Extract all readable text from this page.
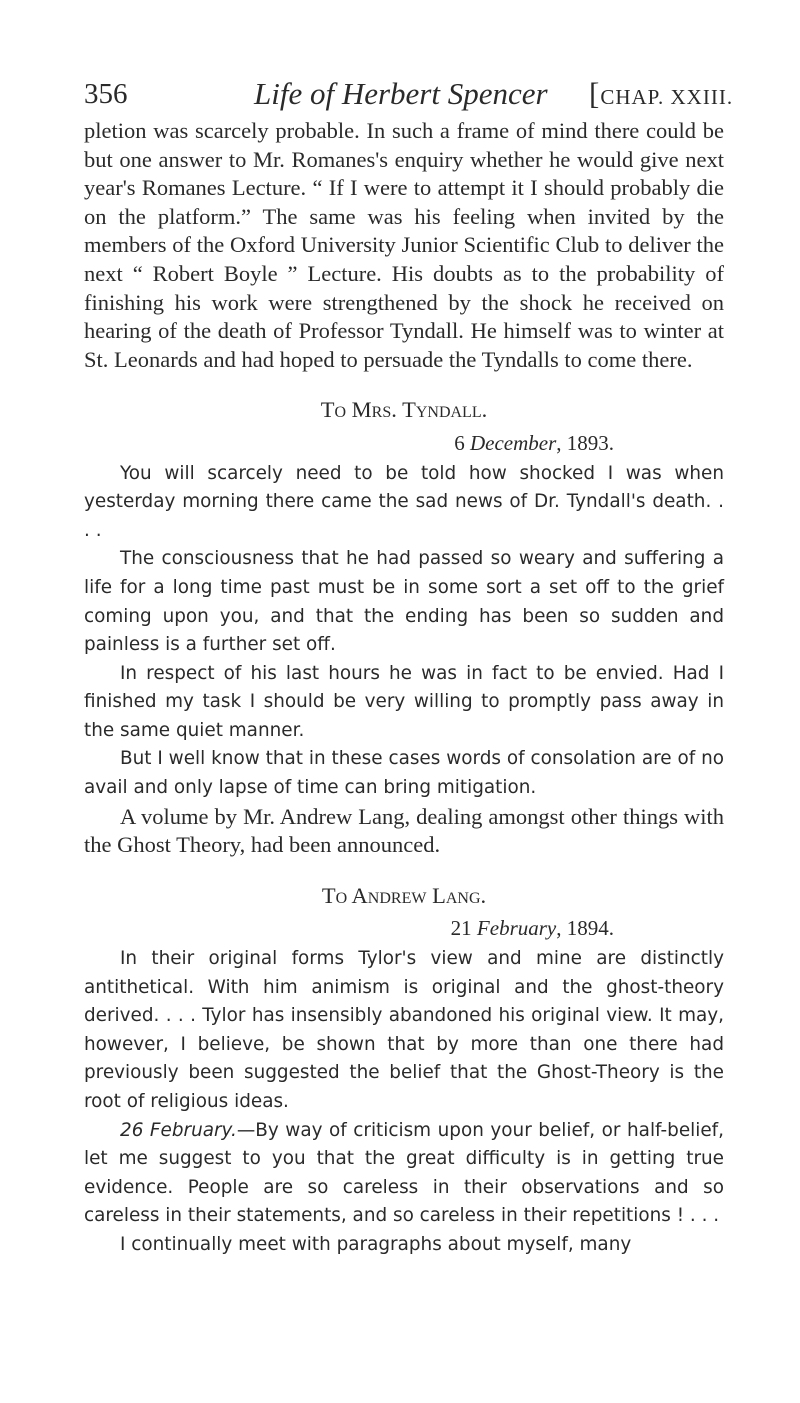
356	Life of Herbert Spencer [CHAP. XXIII.

pletion was scarcely probable. In such a frame of mind there could be but one answer to Mr. Romanes's enquiry whether he would give next year's Romanes Lecture. “ If I were to attempt it I should probably die on the platform.” The same was his feeling when invited by the members of the Oxford University Junior Scientific Club to deliver the next “ Robert Boyle ” Lecture. His doubts as to the probability of finishing his work were strengthened by the shock he received on hearing of the death of Professor Tyndall. He himself was to winter at St. Leonards and had hoped to persuade the Tyndalls to come there.

To Mrs. Tyndall.
6 December, 1893.

You will scarcely need to be told how shocked I was when yesterday morning there came the sad news of Dr. Tyndall's death. . . .

The consciousness that he had passed so weary and suffering a life for a long time past must be in some sort a set off to the grief coming upon you, and that the ending has been so sudden and painless is a further set off.

In respect of his last hours he was in fact to be envied. Had I finished my task I should be very willing to promptly pass away in the same quiet manner.

But I well know that in these cases words of consolation are of no avail and only lapse of time can bring mitigation.

A volume by Mr. Andrew Lang, dealing amongst other things with the Ghost Theory, had been announced.

To Andrew Lang.
21 February, 1894.

In their original forms Tylor's view and mine are distinctly antithetical. With him animism is original and the ghost-theory derived. . . . Tylor has insensibly abandoned his original view. It may, however, I believe, be shown that by more than one there had previously been suggested the belief that the Ghost-Theory is the root of religious ideas.

26 February.—By way of criticism upon your belief, or half-belief, let me suggest to you that the great difficulty is in getting true evidence. People are so careless in their observations and so careless in their statements, and so careless in their repetitions ! . . .

I continually meet with paragraphs about myself, many
